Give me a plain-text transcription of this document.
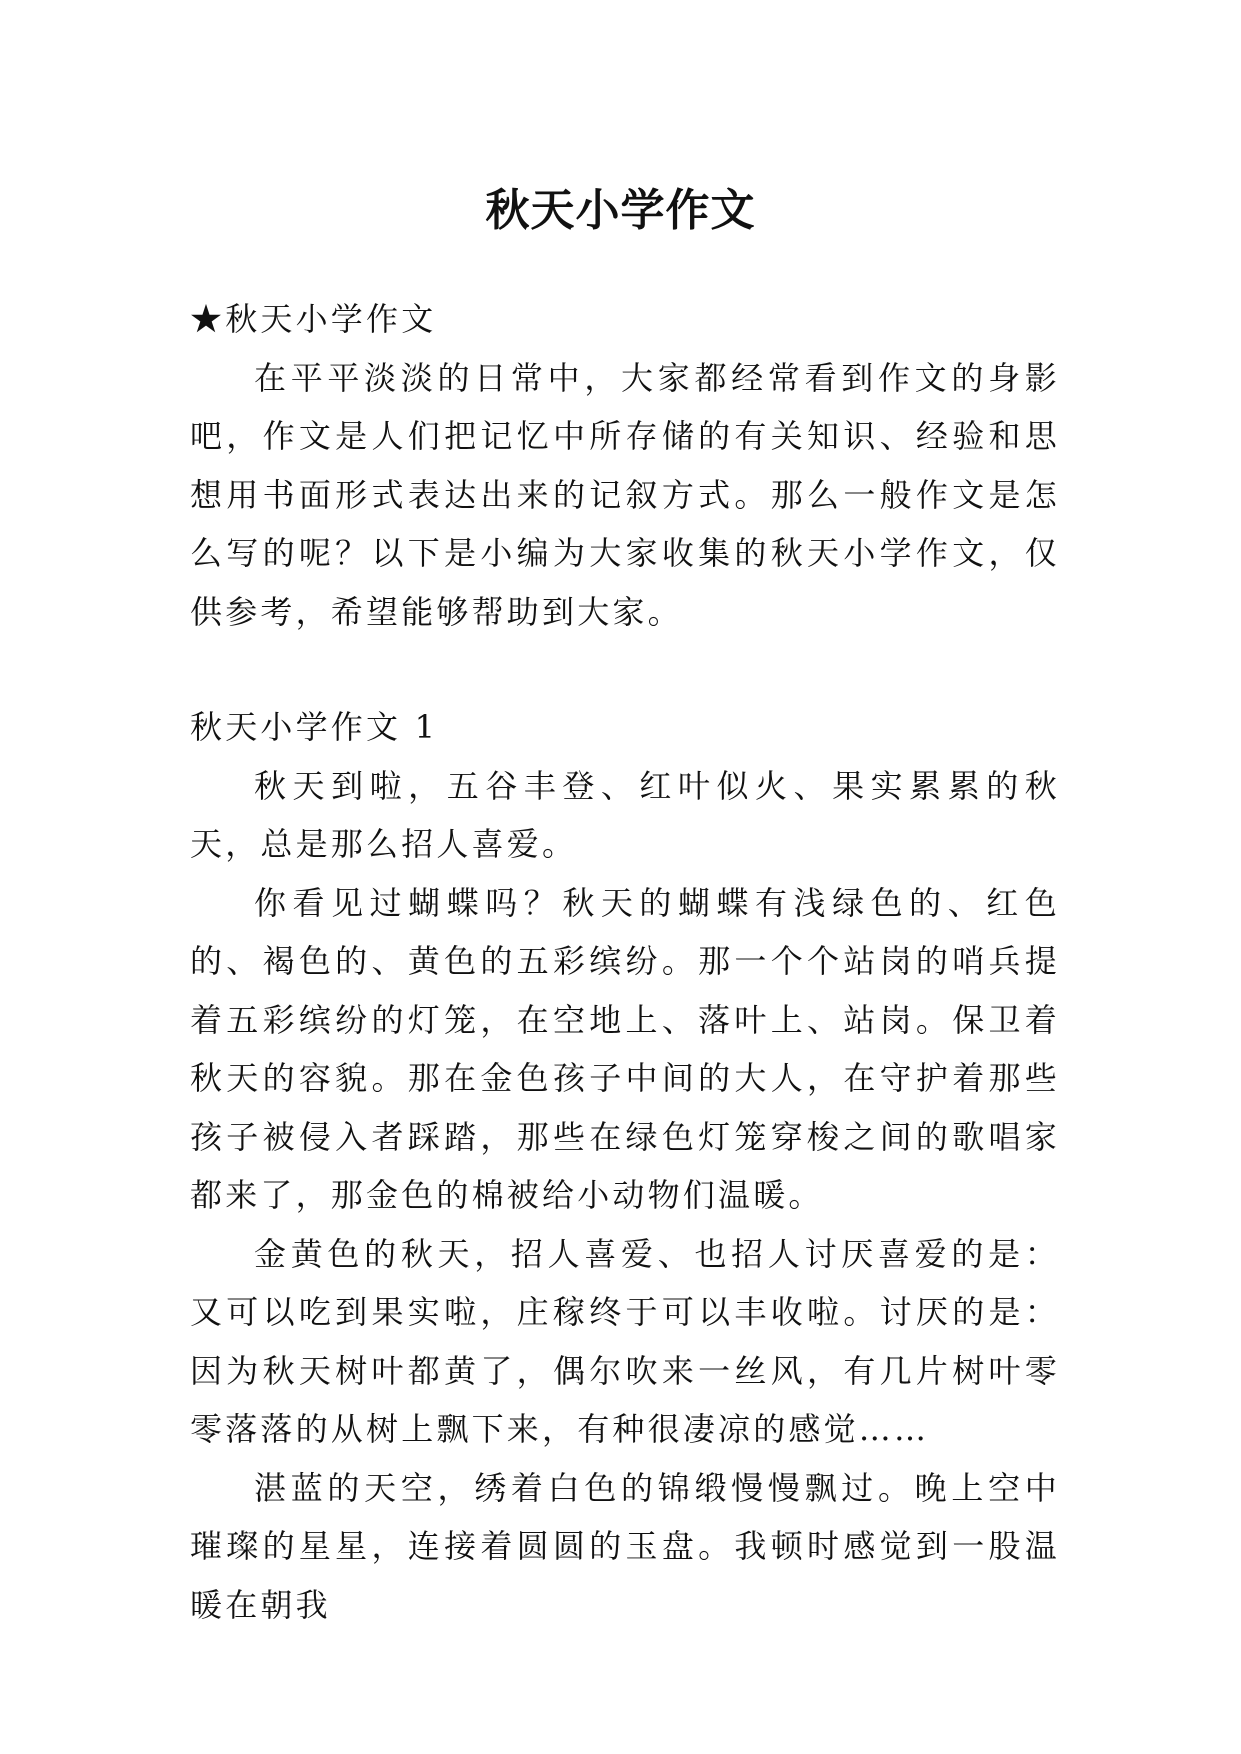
秋天小学作文

★秋天小学作文

在平平淡淡的日常中，大家都经常看到作文的身影吧，作文是人们把记忆中所存储的有关知识、经验和思想用书面形式表达出来的记叙方式。那么一般作文是怎么写的呢？以下是小编为大家收集的秋天小学作文，仅供参考，希望能够帮助到大家。

秋天小学作文 1

秋天到啦，五谷丰登、红叶似火、果实累累的秋天，总是那么招人喜爱。

你看见过蝴蝶吗？秋天的蝴蝶有浅绿色的、红色的、褐色的、黄色的五彩缤纷。那一个个站岗的哨兵提着五彩缤纷的灯笼，在空地上、落叶上、站岗。保卫着秋天的容貌。那在金色孩子中间的大人，在守护着那些孩子被侵入者踩踏，那些在绿色灯笼穿梭之间的歌唱家都来了，那金色的棉被给小动物们温暖。

金黄色的秋天，招人喜爱、也招人讨厌喜爱的是：又可以吃到果实啦，庄稼终于可以丰收啦。讨厌的是：因为秋天树叶都黄了，偶尔吹来一丝风，有几片树叶零零落落的从树上飘下来，有种很凄凉的感觉……

湛蓝的天空，绣着白色的锦缎慢慢飘过。晚上空中璀璨的星星，连接着圆圆的玉盘。我顿时感觉到一股温暖在朝我
